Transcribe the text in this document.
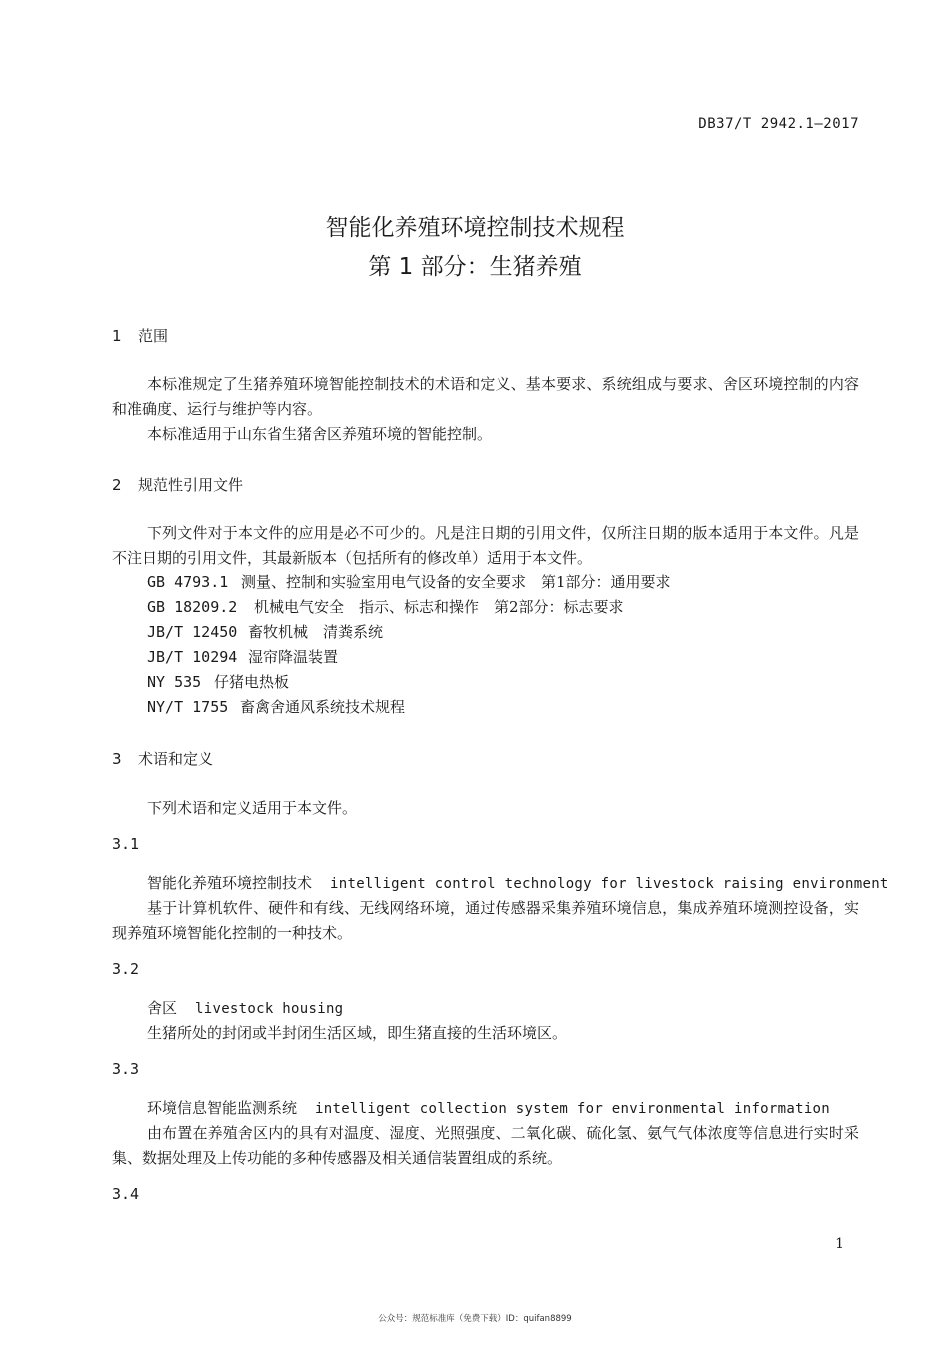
DB37/T 2942.1—2017
智能化养殖环境控制技术规程
第 1 部分：生猪养殖
1 范围
本标准规定了生猪养殖环境智能控制技术的术语和定义、基本要求、系统组成与要求、舍区环境控制的内容和准确度、运行与维护等内容。
本标准适用于山东省生猪舍区养殖环境的智能控制。
2 规范性引用文件
下列文件对于本文件的应用是必不可少的。凡是注日期的引用文件，仅所注日期的版本适用于本文件。凡是不注日期的引用文件，其最新版本（包括所有的修改单）适用于本文件。
GB 4793.1 测量、控制和实验室用电气设备的安全要求　第1部分：通用要求
GB 18209.2 机械电气安全　指示、标志和操作　第2部分：标志要求
JB/T 12450 畜牧机械　清粪系统
JB/T 10294 湿帘降温装置
NY 535 仔猪电热板
NY/T 1755 畜禽舍通风系统技术规程
3 术语和定义
下列术语和定义适用于本文件。
3.1
智能化养殖环境控制技术 intelligent control technology for livestock raising environment
基于计算机软件、硬件和有线、无线网络环境，通过传感器采集养殖环境信息，集成养殖环境测控设备，实现养殖环境智能化控制的一种技术。
3.2
舍区 livestock housing
生猪所处的封闭或半封闭生活区域，即生猪直接的生活环境区。
3.3
环境信息智能监测系统 intelligent collection system for environmental information
由布置在养殖舍区内的具有对温度、湿度、光照强度、二氧化碳、硫化氢、氨气气体浓度等信息进行实时采集、数据处理及上传功能的多种传感器及相关通信装置组成的系统。
3.4
1
公众号：规范标准库（免费下载）ID：quifan8899
